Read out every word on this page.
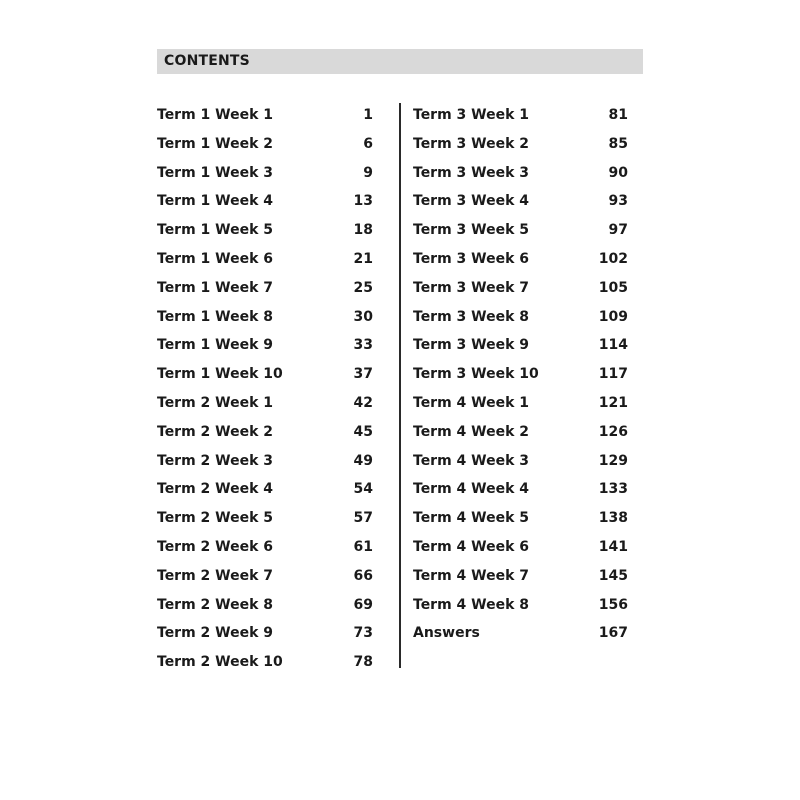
CONTENTS
Term 1 Week 1	1
Term 1 Week 2	6
Term 1 Week 3	9
Term 1 Week 4	13
Term 1 Week 5	18
Term 1 Week 6	21
Term 1 Week 7	25
Term 1 Week 8	30
Term 1 Week 9	33
Term 1 Week 10	37
Term 2 Week 1	42
Term 2 Week 2	45
Term 2 Week 3	49
Term 2 Week 4	54
Term 2 Week 5	57
Term 2 Week 6	61
Term 2 Week 7	66
Term 2 Week 8	69
Term 2 Week 9	73
Term 2 Week 10	78
Term 3 Week 1	81
Term 3 Week 2	85
Term 3 Week 3	90
Term 3 Week 4	93
Term 3 Week 5	97
Term 3 Week 6	102
Term 3 Week 7	105
Term 3 Week 8	109
Term 3 Week 9	114
Term 3 Week 10	117
Term 4 Week 1	121
Term 4 Week 2	126
Term 4 Week 3	129
Term 4 Week 4	133
Term 4 Week 5	138
Term 4 Week 6	141
Term 4 Week 7	145
Term 4 Week 8	156
Answers	167
